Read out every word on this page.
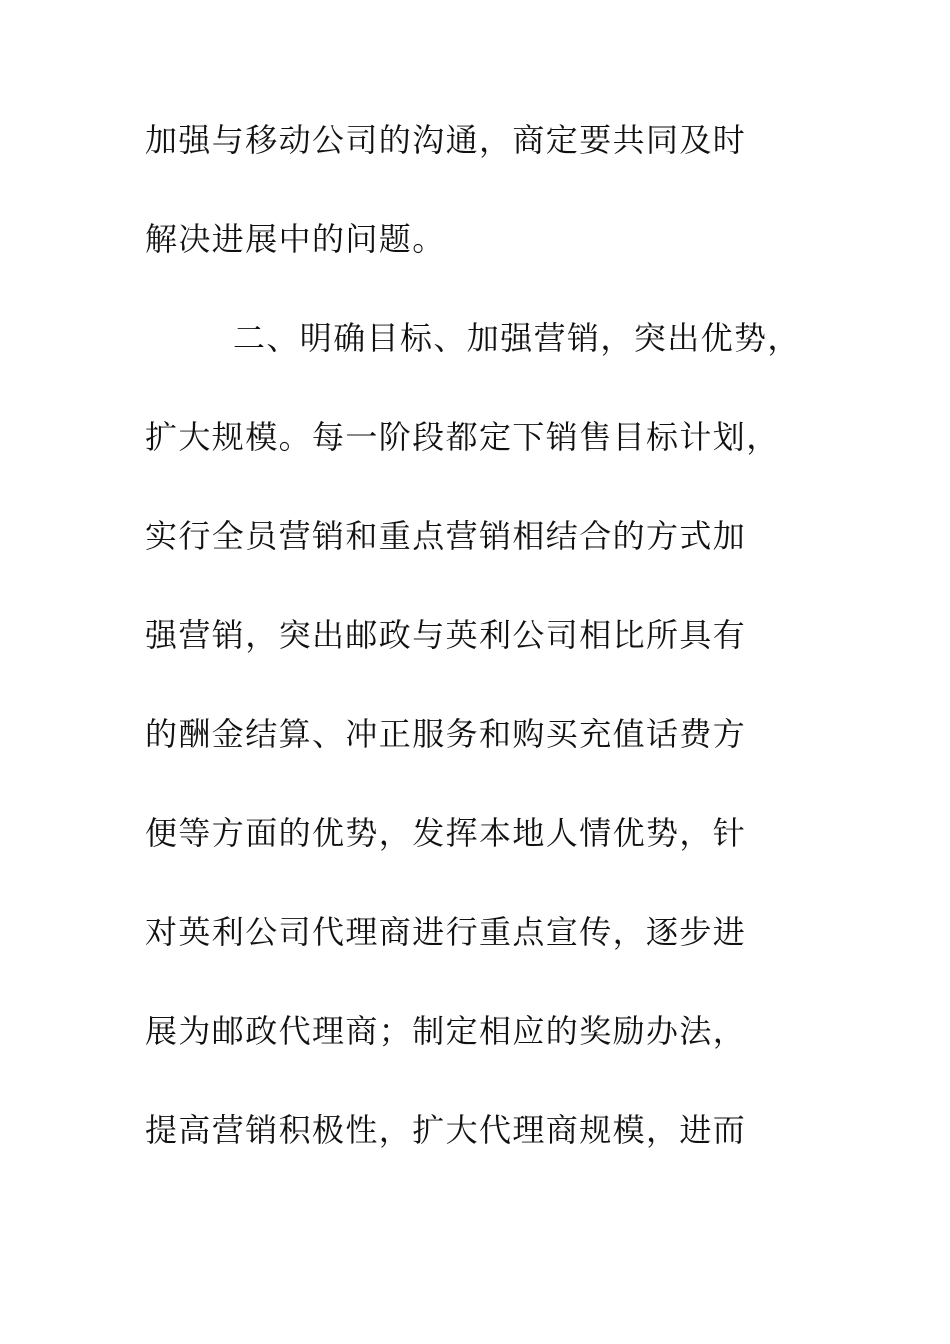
加强与移动公司的沟通，商定要共同及时
解决进展中的问题。
二、明确目标、加强营销，突出优势，
扩大规模。每一阶段都定下销售目标计划，
实行全员营销和重点营销相结合的方式加
强营销，突出邮政与英利公司相比所具有
的酬金结算、冲正服务和购买充值话费方
便等方面的优势，发挥本地人情优势，针
对英利公司代理商进行重点宣传，逐步进
展为邮政代理商；制定相应的奖励办法，
提高营销积极性，扩大代理商规模，进而
